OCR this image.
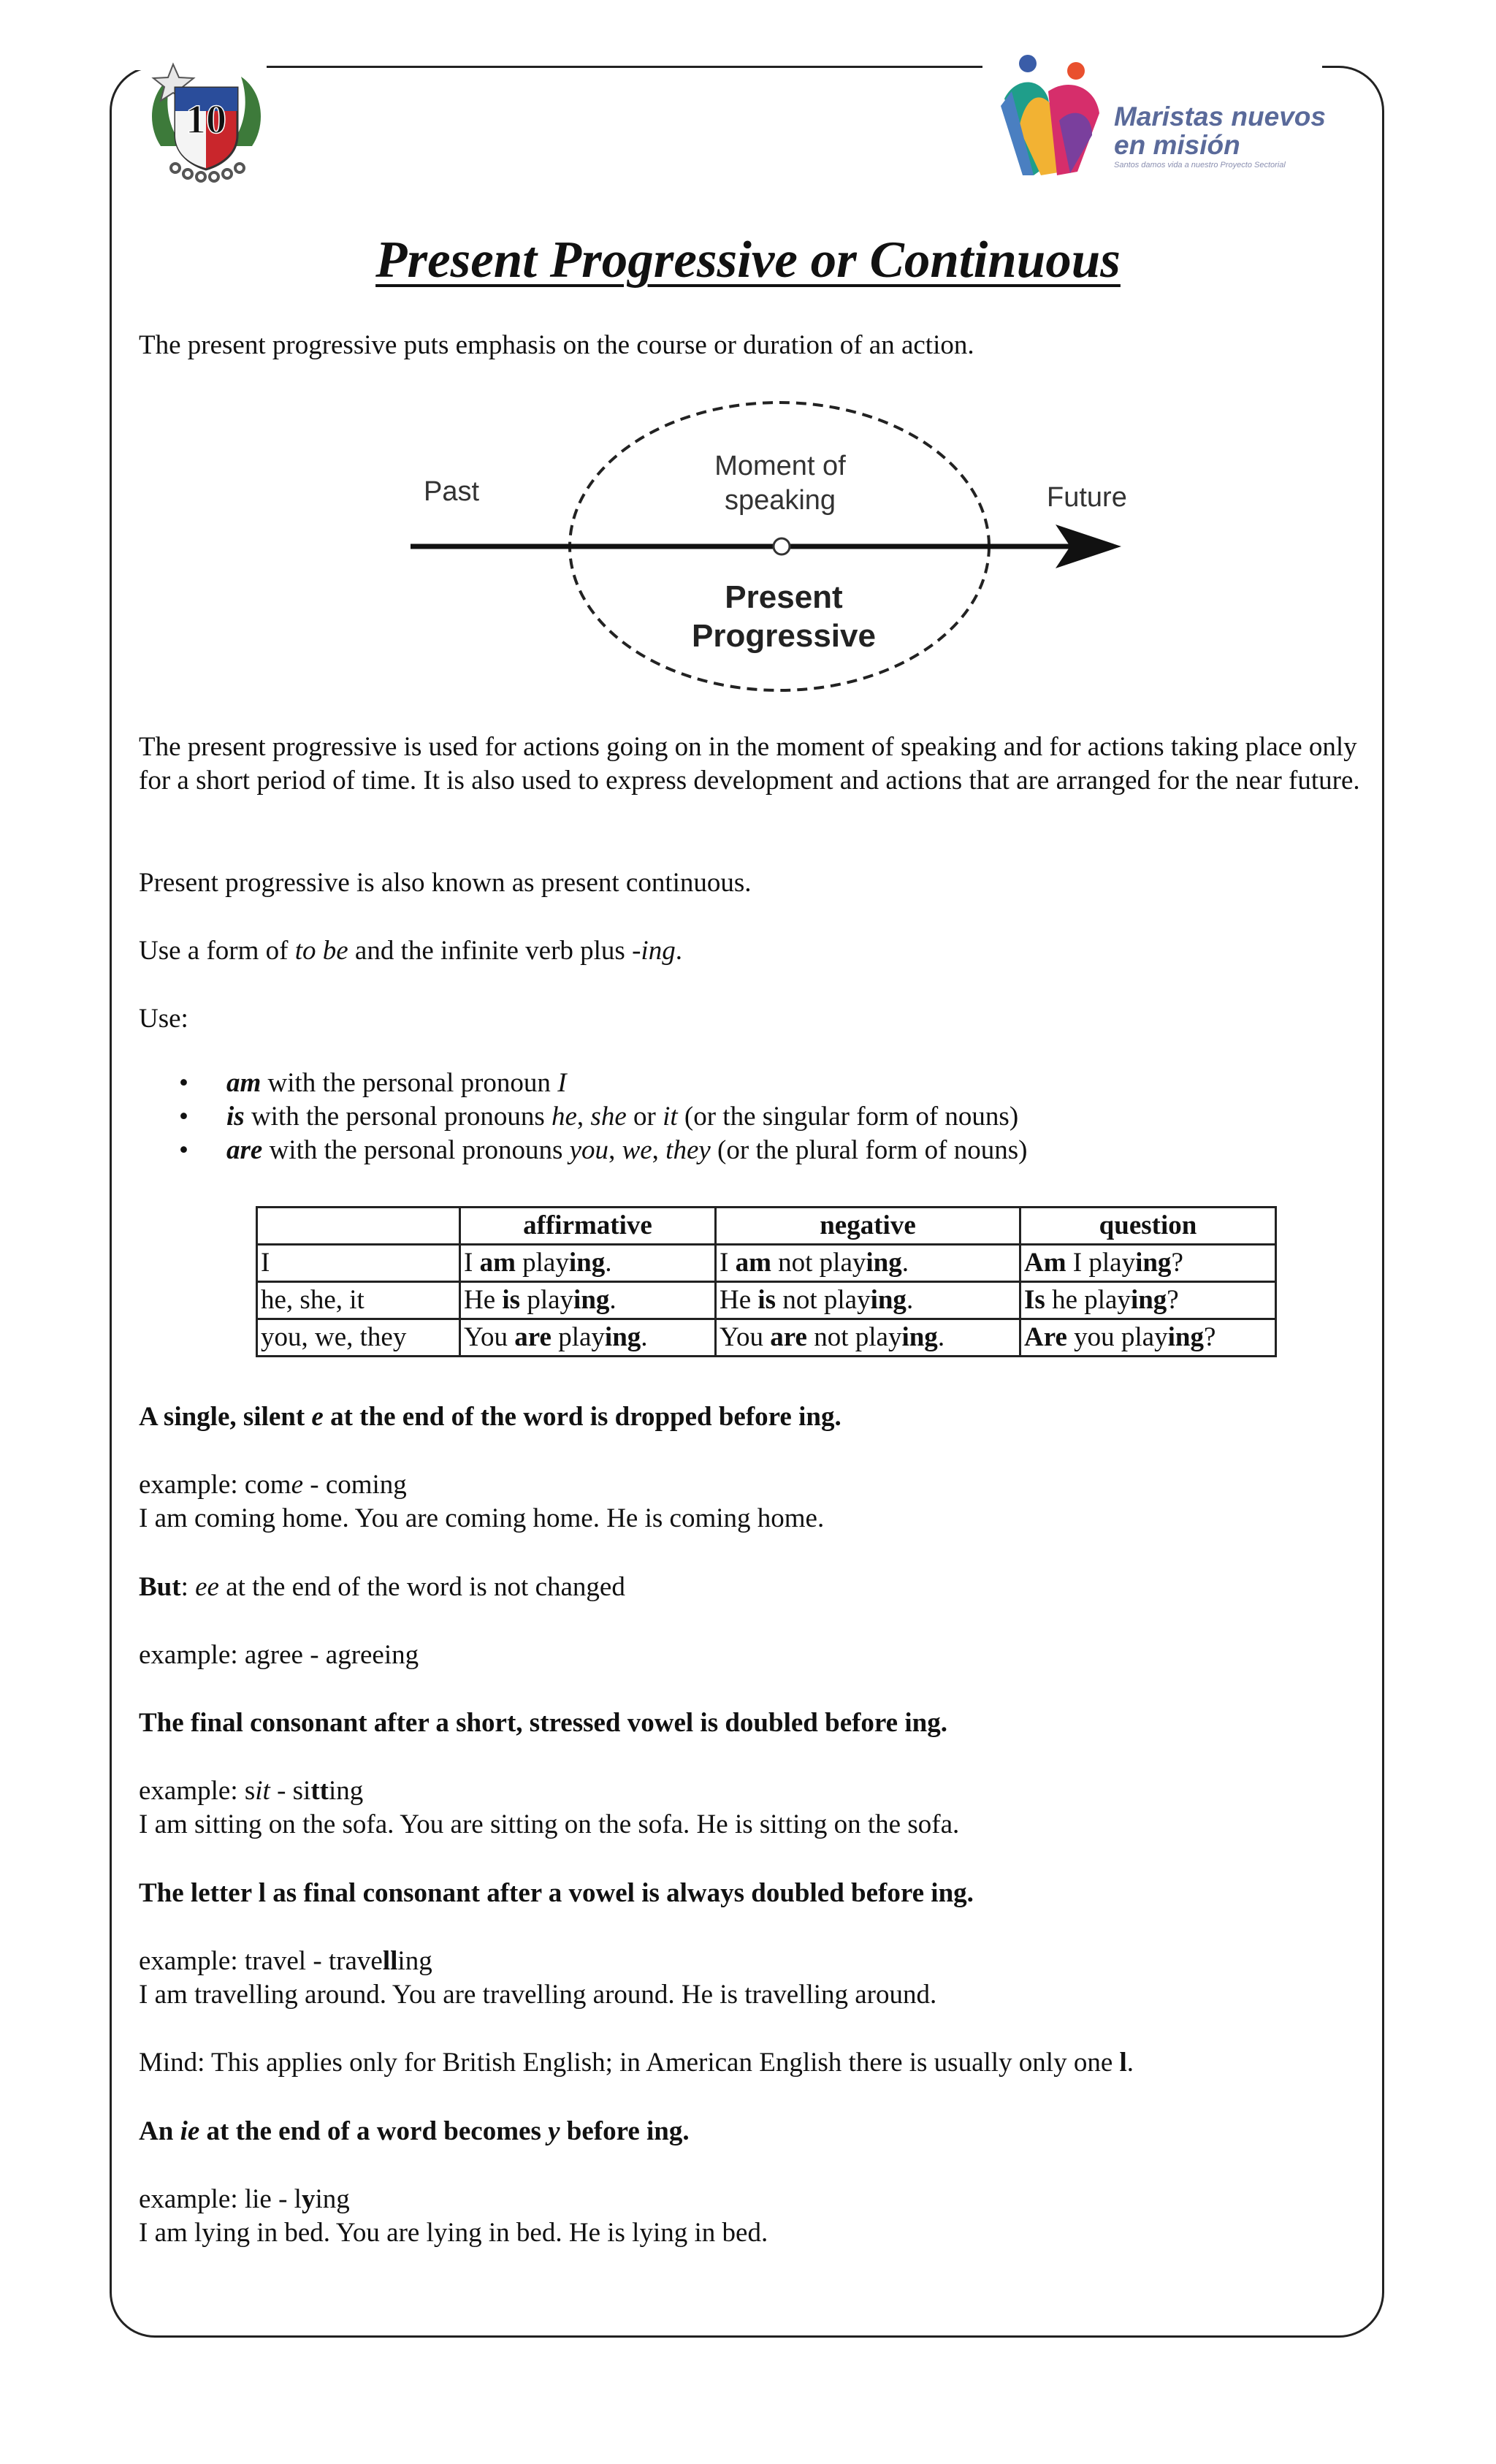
10	Maristas nuevos
en misión
Santos damos vida a nuestro Proyecto Sectorial
Present Progressive or Continuous
The present progressive puts emphasis on the course or duration of an action.
Past	Future
Moment of
speaking
Present
Progressive
The present progressive is used for actions going on in the moment of speaking and for actions taking place only for a short period of time. It is also used to express development and actions that are arranged for the near future.
Present progressive is also known as present continuous.
Use a form of to be and the infinite verb plus -ing.
Use:
• am with the personal pronoun I
• is with the personal pronouns he, she or it (or the singular form of nouns)
• are with the personal pronouns you, we, they (or the plural form of nouns)
	affirmative	negative	question
I	I am playing.	I am not playing.	Am I playing?
he, she, it	He is playing.	He is not playing.	Is he playing?
you, we, they	You are playing.	You are not playing.	Are you playing?
A single, silent e at the end of the word is dropped before ing.
example: come - coming
I am coming home. You are coming home. He is coming home.
But: ee at the end of the word is not changed
example: agree - agreeing
The final consonant after a short, stressed vowel is doubled before ing.
example: sit - sitting
I am sitting on the sofa. You are sitting on the sofa. He is sitting on the sofa.
The letter l as final consonant after a vowel is always doubled before ing.
example: travel - travelling
I am travelling around. You are travelling around. He is travelling around.
Mind: This applies only for British English; in American English there is usually only one l.
An ie at the end of a word becomes y before ing.
example: lie - lying
I am lying in bed. You are lying in bed. He is lying in bed.
